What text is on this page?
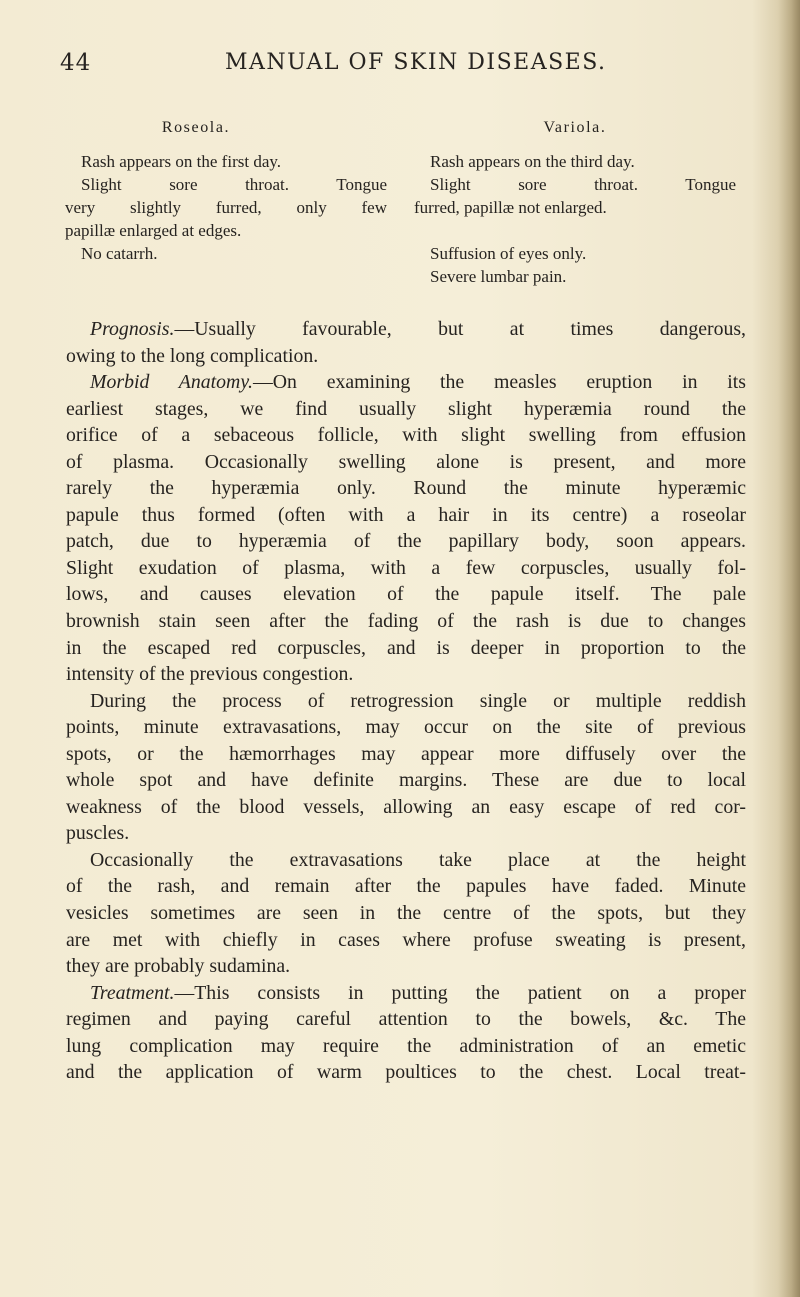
44	MANUAL OF SKIN DISEASES.
Roseola.
Rash appears on the first day.
Slight sore throat. Tongue
very slightly furred, only few
papillæ enlarged at edges.
No catarrh.
Variola.
Rash appears on the third day.
Slight sore throat. Tongue
furred, papillæ not enlarged.
Suffusion of eyes only.
Severe lumbar pain.
Prognosis.—Usually favourable, but at times dangerous,
owing to the long complication.
Morbid Anatomy.—On examining the measles eruption in its
earliest stages, we find usually slight hyperæmia round the
orifice of a sebaceous follicle, with slight swelling from effusion
of plasma. Occasionally swelling alone is present, and more
rarely the hyperæmia only. Round the minute hyperæmic
papule thus formed (often with a hair in its centre) a roseolar
patch, due to hyperæmia of the papillary body, soon appears.
Slight exudation of plasma, with a few corpuscles, usually fol-
lows, and causes elevation of the papule itself. The pale
brownish stain seen after the fading of the rash is due to changes
in the escaped red corpuscles, and is deeper in proportion to the
intensity of the previous congestion.
During the process of retrogression single or multiple reddish
points, minute extravasations, may occur on the site of previous
spots, or the hæmorrhages may appear more diffusely over the
whole spot and have definite margins. These are due to local
weakness of the blood vessels, allowing an easy escape of red cor-
puscles.
Occasionally the extravasations take place at the height
of the rash, and remain after the papules have faded. Minute
vesicles sometimes are seen in the centre of the spots, but they
are met with chiefly in cases where profuse sweating is present,
they are probably sudamina.
Treatment.—This consists in putting the patient on a proper
regimen and paying careful attention to the bowels, &c. The
lung complication may require the administration of an emetic
and the application of warm poultices to the chest. Local treat-
